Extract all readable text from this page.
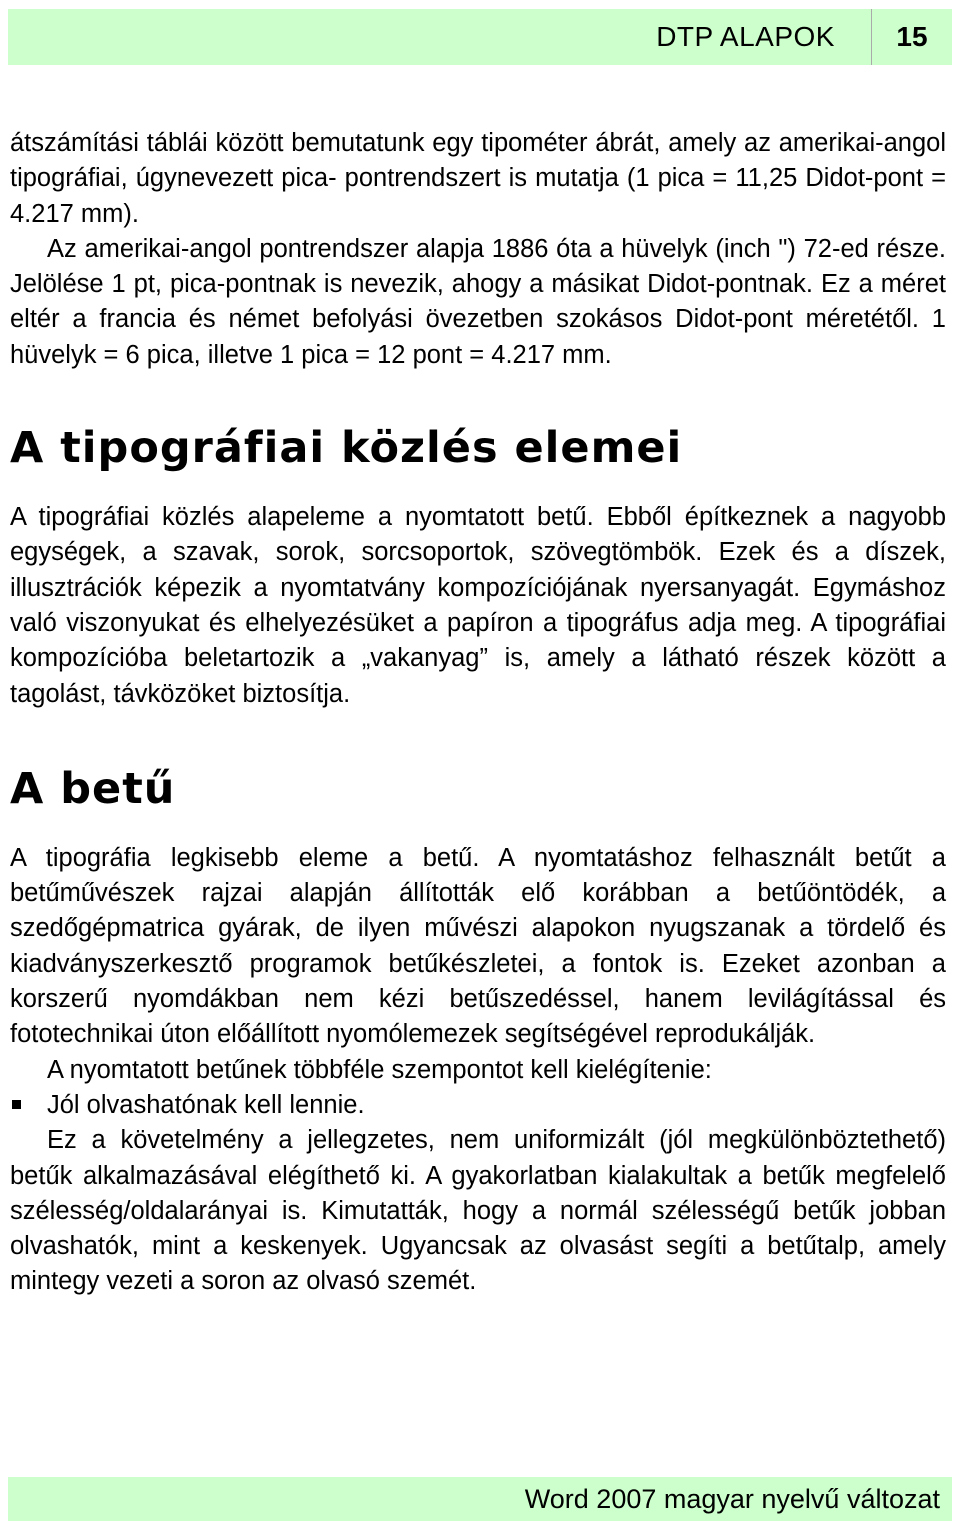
DTP ALAPOK	15

átszámítási táblái között bemutatunk egy tipométer ábrát, amely az amerikai-angol tipográfiai, úgynevezett pica- pontrendszert is mutatja (1 pica = 11,25 Didot-pont = 4.217 mm).

Az amerikai-angol pontrendszer alapja 1886 óta a hüvelyk (inch ") 72-ed része. Jelölése 1 pt, pica-pontnak is nevezik, ahogy a másikat Didot-pontnak. Ez a méret eltér a francia és német befolyási övezetben szokásos Didot-pont méretétől. 1 hüvelyk = 6 pica, illetve 1 pica = 12 pont = 4.217 mm.

A tipográfiai közlés elemei

A tipográfiai közlés alapeleme a nyomtatott betű. Ebből építkeznek a nagyobb egységek, a szavak, sorok, sorcsoportok, szövegtömbök. Ezek és a díszek, illusztrációk képezik a nyomtatvány kompozíciójának nyersanyagát. Egymáshoz való viszonyukat és elhelyezésüket a papíron a tipográfus adja meg. A tipográfiai kompozícióba beletartozik a „vakanyag” is, amely a látható részek között a tagolást, távközöket biztosítja.

A betű

A tipográfia legkisebb eleme a betű. A nyomtatáshoz felhasznált betűt a betűművészek rajzai alapján állították elő korábban a betűöntödék, a szedőgépmatrica gyárak, de ilyen művészi alapokon nyugszanak a tördelő és kiadványszerkesztő programok betűkészletei, a fontok is. Ezeket azonban a korszerű nyomdákban nem kézi betűszedéssel, hanem levilágítással és fototechnikai úton előállított nyomólemezek segítségével reprodukálják.

A nyomtatott betűnek többféle szempontot kell kielégítenie:

Jól olvashatónak kell lennie.

Ez a követelmény a jellegzetes, nem uniformizált (jól megkülönböztethető) betűk alkalmazásával elégíthető ki. A gyakorlatban kialakultak a betűk megfelelő szélesség/oldalarányai is. Kimutatták, hogy a normál szélességű betűk jobban olvashatók, mint a keskenyek. Ugyancsak az olvasást segíti a betűtalp, amely mintegy vezeti a soron az olvasó szemét.

Word 2007 magyar nyelvű változat
